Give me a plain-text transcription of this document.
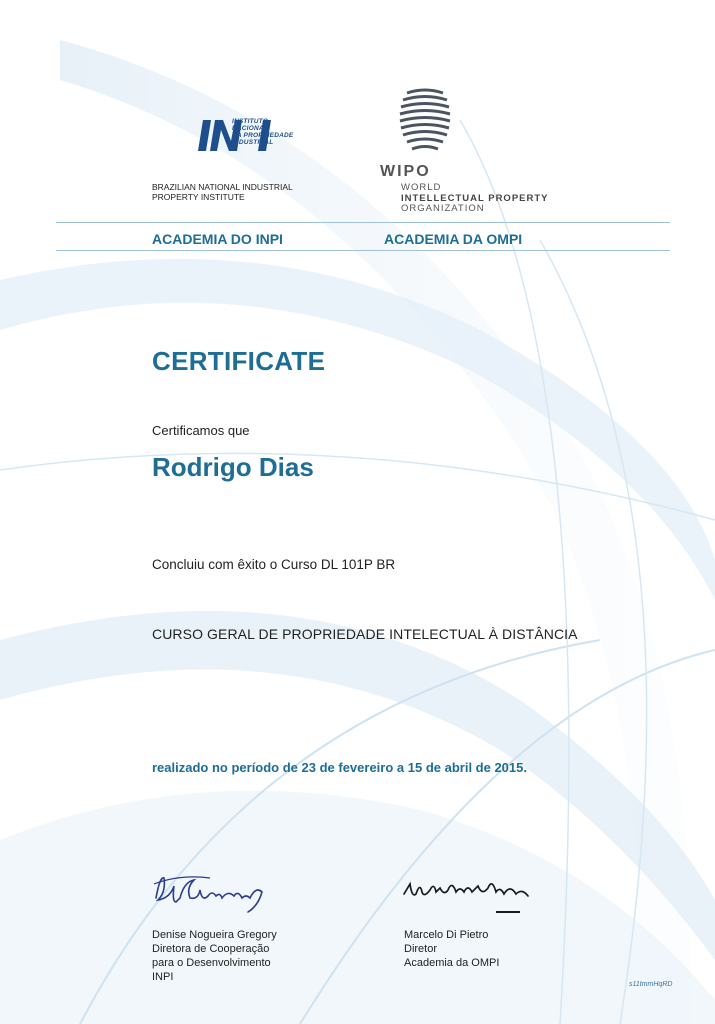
INSTITUTO
NACIONAL
DA PROPRIEDADE
INDUSTRIAL
BRAZILIAN NATIONAL INDUSTRIAL
PROPERTY INSTITUTE
WIPO
WORLD
INTELLECTUAL PROPERTY
ORGANIZATION
ACADEMIA DO INPI	ACADEMIA DA OMPI
CERTIFICATE
Certificamos que
Rodrigo Dias
Concluiu com êxito o Curso DL 101P BR
CURSO GERAL DE PROPRIEDADE INTELECTUAL À DISTÂNCIA
realizado no período de 23 de fevereiro a 15 de abril de 2015.
Denise Nogueira Gregory
Diretora de Cooperação
para o Desenvolvimento
INPI
Marcelo Di Pietro
Diretor
Academia da OMPI
s11tmmHqRD
